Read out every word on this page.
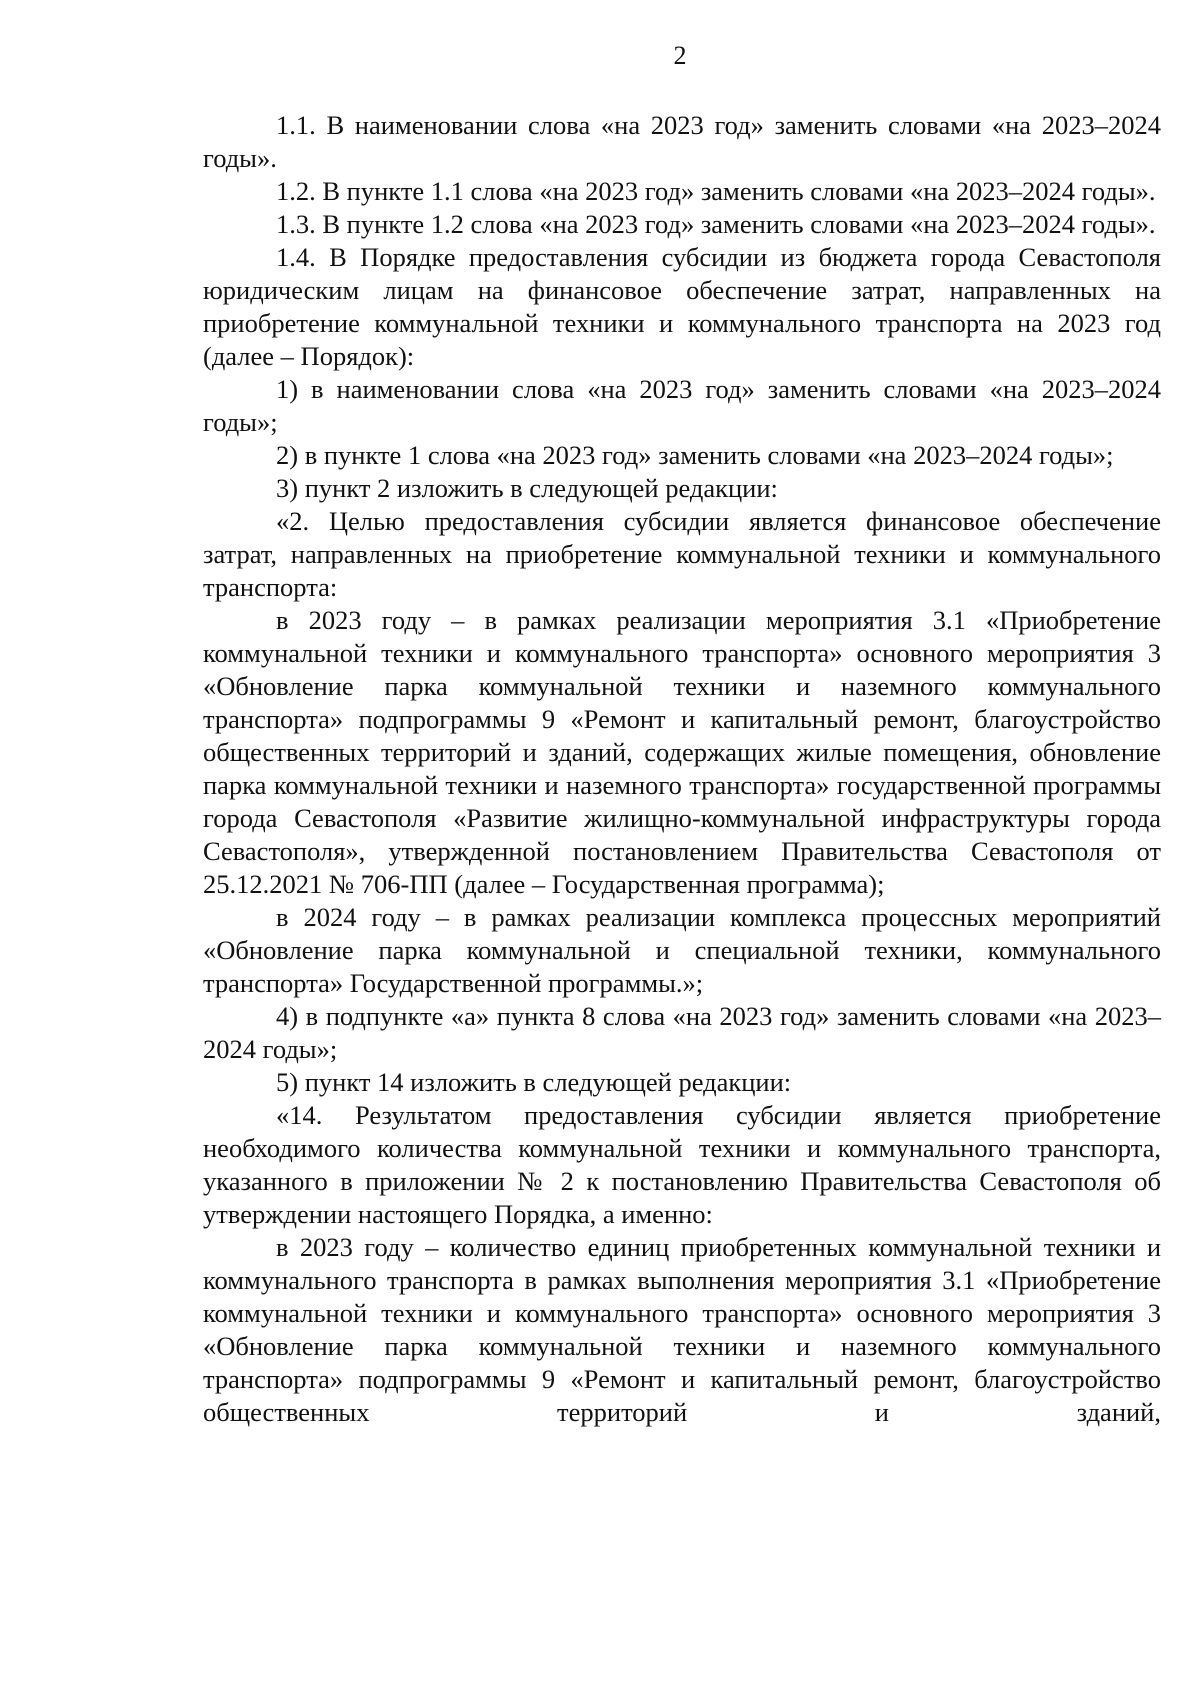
2

1.1. В наименовании слова «на 2023 год» заменить словами «на 2023–2024 годы».

1.2. В пункте 1.1 слова «на 2023 год» заменить словами «на 2023–2024 годы».

1.3. В пункте 1.2 слова «на 2023 год» заменить словами «на 2023–2024 годы».

1.4. В Порядке предоставления субсидии из бюджета города Севастополя юридическим лицам на финансовое обеспечение затрат, направленных на приобретение коммунальной техники и коммунального транспорта на 2023 год (далее – Порядок):

1) в наименовании слова «на 2023 год» заменить словами «на 2023–2024 годы»;

2) в пункте 1 слова «на 2023 год» заменить словами «на 2023–2024 годы»;

3) пункт 2 изложить в следующей редакции:

«2. Целью предоставления субсидии является финансовое обеспечение затрат, направленных на приобретение коммунальной техники и коммунального транспорта:

в 2023 году – в рамках реализации мероприятия 3.1 «Приобретение коммунальной техники и коммунального транспорта» основного мероприятия 3 «Обновление парка коммунальной техники и наземного коммунального транспорта» подпрограммы 9 «Ремонт и капитальный ремонт, благоустройство общественных территорий и зданий, содержащих жилые помещения, обновление парка коммунальной техники и наземного транспорта» государственной программы города Севастополя «Развитие жилищно-коммунальной инфраструктуры города Севастополя», утвержденной постановлением Правительства Севастополя от 25.12.2021 № 706-ПП (далее – Государственная программа);

в 2024 году – в рамках реализации комплекса процессных мероприятий «Обновление парка коммунальной и специальной техники, коммунального транспорта» Государственной программы.»;

4) в подпункте «а» пункта 8 слова «на 2023 год» заменить словами «на 2023–2024 годы»;

5) пункт 14 изложить в следующей редакции:

«14. Результатом предоставления субсидии является приобретение необходимого количества коммунальной техники и коммунального транспорта, указанного в приложении № 2 к постановлению Правительства Севастополя об утверждении настоящего Порядка, а именно:

в 2023 году – количество единиц приобретенных коммунальной техники и коммунального транспорта в рамках выполнения мероприятия 3.1 «Приобретение коммунальной техники и коммунального транспорта» основного мероприятия 3 «Обновление парка коммунальной техники и наземного коммунального транспорта» подпрограммы 9 «Ремонт и капитальный ремонт, благоустройство общественных территорий и зданий,
